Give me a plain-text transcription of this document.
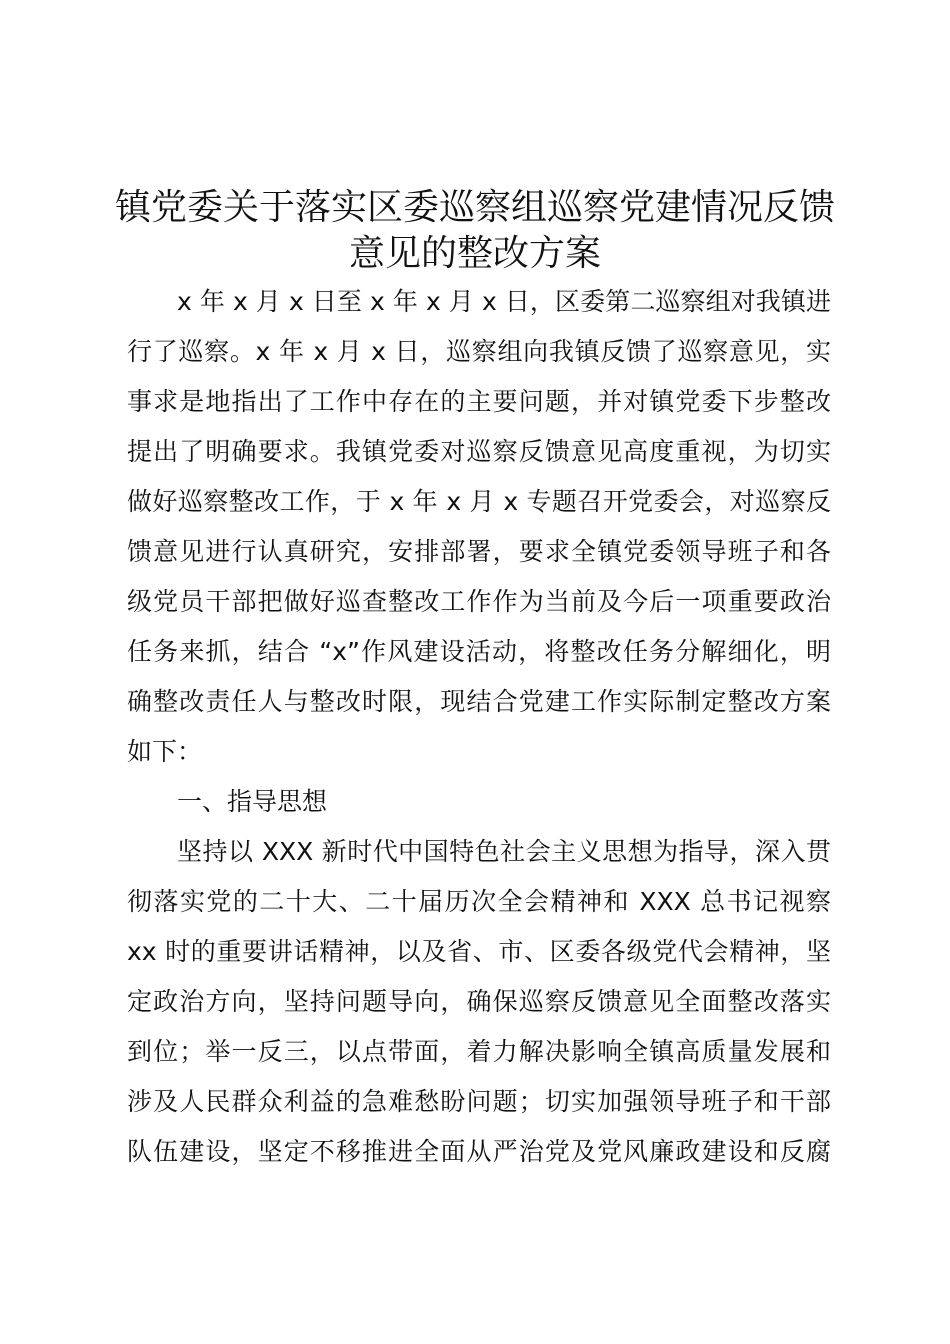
镇党委关于落实区委巡察组巡察党建情况反馈
意见的整改方案
x 年 x 月 x 日至 x 年 x 月 x 日，区委第二巡察组对我镇进
行了巡察。x 年 x 月 x 日，巡察组向我镇反馈了巡察意见，实
事求是地指出了工作中存在的主要问题，并对镇党委下步整改
提出了明确要求。我镇党委对巡察反馈意见高度重视，为切实
做好巡察整改工作，于 x 年 x 月 x 专题召开党委会，对巡察反
馈意见进行认真研究，安排部署，要求全镇党委领导班子和各
级党员干部把做好巡查整改工作作为当前及今后一项重要政治
任务来抓，结合 “x”作风建设活动，将整改任务分解细化，明
确整改责任人与整改时限，现结合党建工作实际制定整改方案
如下：
一、指导思想
坚持以 XXX 新时代中国特色社会主义思想为指导，深入贯
彻落实党的二十大、二十届历次全会精神和 XXX 总书记视察
xx 时的重要讲话精神，以及省、市、区委各级党代会精神，坚
定政治方向，坚持问题导向，确保巡察反馈意见全面整改落实
到位；举一反三，以点带面，着力解决影响全镇高质量发展和
涉及人民群众利益的急难愁盼问题；切实加强领导班子和干部
队伍建设，坚定不移推进全面从严治党及党风廉政建设和反腐
